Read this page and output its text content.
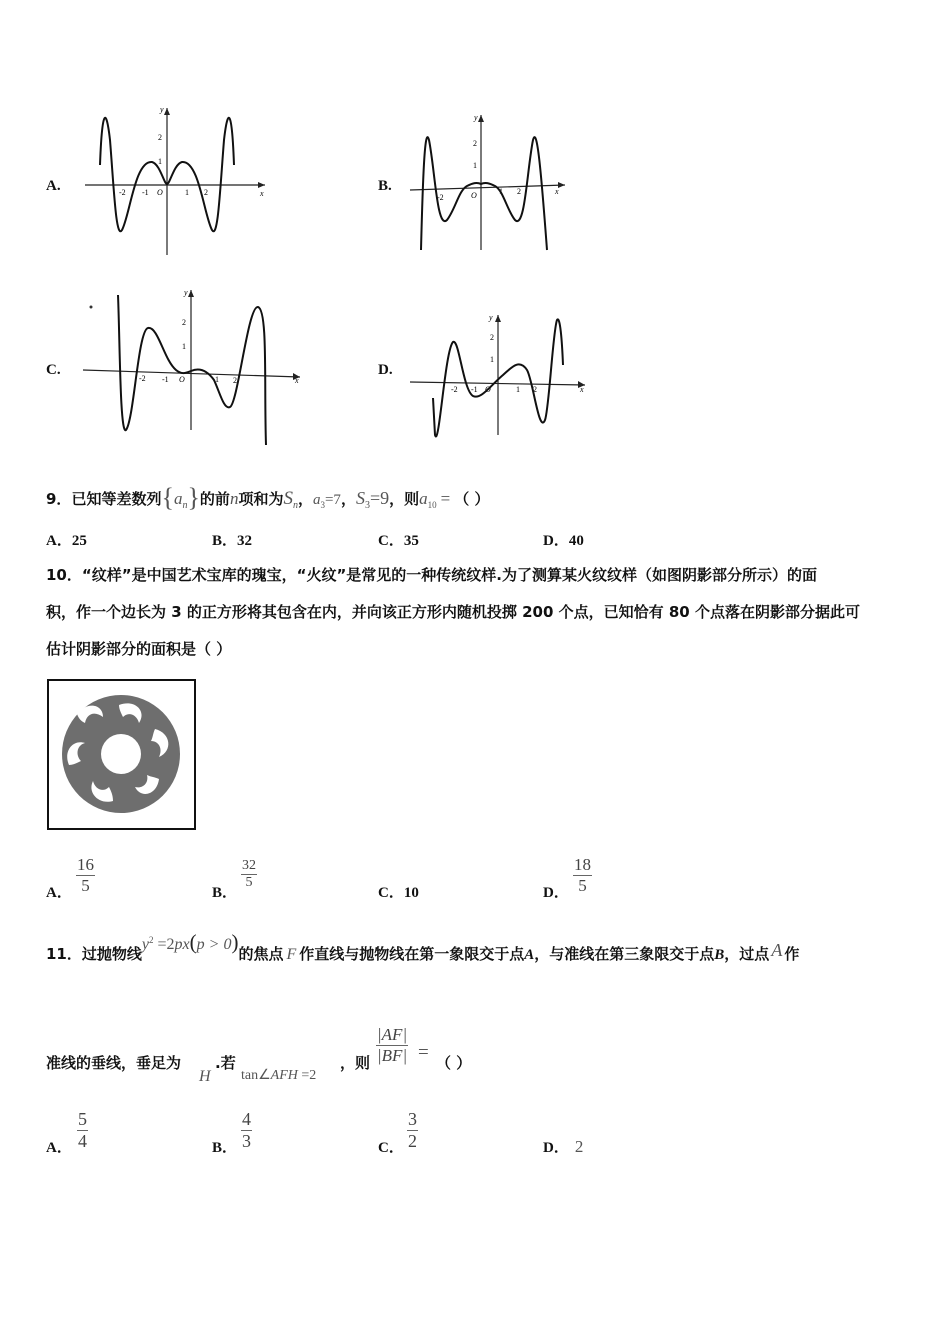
A.	x
y
-2 -1 O	1 2
1
2
B.	x
y
-2	O	1 2
1
2
C.
x
y
-2 -1 O	1 2
1
2
D.
x
y
-2 -1 O	1 2
1
2
9．已知等差数列$\{a_n\}$的前n项和为$S_n$，$a_3=7$，$S_3=9$，则$a_{10}$ = （ ）
A．25	B．32	C．35	D．40
10．“纹样”是中国艺术宝库的瑰宝，“火纹”是常见的一种传统纹样.为了测算某火纹纹样（如图阴影部分所示）的面
积，作一个边长为 3 的正方形将其包含在内，并向该正方形内随机投掷 200 个点，已知恰有 80 个点落在阴影部分据此可
估计阴影部分的面积是（ ）
A． $\frac{16}{5}$	B．
$\frac{32}{5}$
C．10	D． $\frac{18}{5}$
11．过抛物线$y^2 =2px(p > 0)$的焦点 F 作直线与抛物线在第一象限交于点A，与准线在第三象限交于点B，过点 A 作
准线的垂线，垂足为
H
.若
tan∠AFH =2
，则 $\frac{|AF|}{|BF|}$ = （ ）
A． $\frac{5}{4}$	B． $\frac{4}{3}$	C． $\frac{3}{2}$	D． 2
